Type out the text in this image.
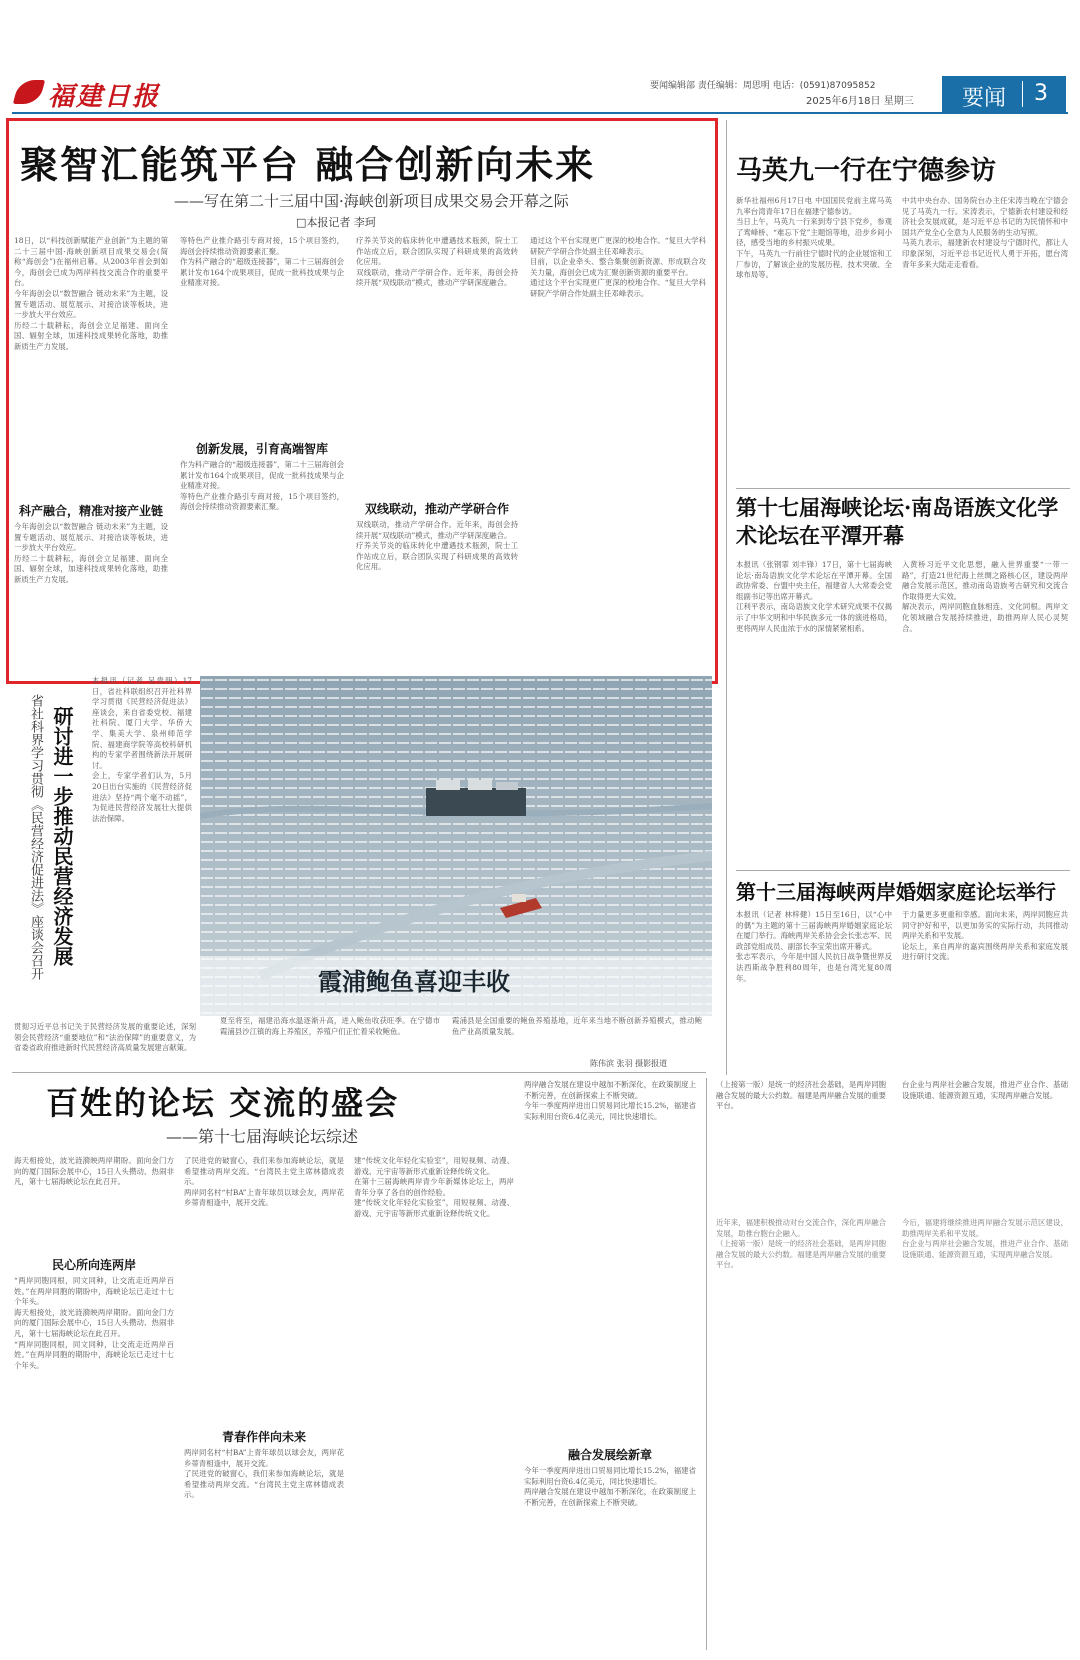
福建日报	要闻编辑部 责任编辑：周思明 电话：(0591)87095852
2025年6月18日 星期三 要闻 3
聚智汇能筑平台 融合创新向未来
——写在第二十三届中国·海峡创新项目成果交易会开幕之际
□本报记者 李珂
18日，以“科技创新赋能产业创新”为主题的第二十三届中国·海峡创新项目成果交易会(简称“海创会”)在福州启幕。从2003年首会到如今，海创会已成为两岸科技交流合作的重要平台。
今年海创会以“数智融合 链动未来”为主题，设置专题活动、展览展示、对接洽谈等板块，进一步放大平台效应。
历经二十载耕耘，海创会立足福建、面向全国、辐射全球，加速科技成果转化落地，助推新质生产力发展。
科产融合，精准对接产业链
今年海创会以“数智融合 链动未来”为主题，设置专题活动、展览展示、对接洽谈等板块，进一步放大平台效应。
历经二十载耕耘，海创会立足福建、面向全国、辐射全球，加速科技成果转化落地，助推新质生产力发展。
等特色产业推介路引专商对接，15个项目签约，海创会持续推动资源要素汇聚。
作为科产融合的“超级连接器”，第二十三届海创会累计发布164个成果项目，促成一批科技成果与企业精准对接。
创新发展，引育高端智库
作为科产融合的“超级连接器”，第二十三届海创会累计发布164个成果项目，促成一批科技成果与企业精准对接。
等特色产业推介路引专商对接，15个项目签约，海创会持续推动资源要素汇聚。
疗养关节炎的临床转化中遭遇技术瓶颈，院士工作站成立后，联合团队实现了科研成果的高效转化应用。
双线联动，推动产学研合作。近年来，海创会持续开展“双线联动”模式，推动产学研深度融合。
双线联动，推动产学研合作
双线联动，推动产学研合作。近年来，海创会持续开展“双线联动”模式，推动产学研深度融合。
疗养关节炎的临床转化中遭遇技术瓶颈，院士工作站成立后，联合团队实现了科研成果的高效转化应用。
通过这个平台实现更广更深的校地合作。“复旦大学科研院产学研合作处副主任邓峰表示。
目前，以企业牵头、整合集聚创新资源、形成联合攻关力量，海创会已成为汇聚创新资源的重要平台。
通过这个平台实现更广更深的校地合作。“复旦大学科研院产学研合作处副主任邓峰表示。
马英九一行在宁德参访
新华社福州6月17日电 中国国民党前主席马英九率台湾青年17日在福建宁德参访。
当日上午，马英九一行来到寿宁县下党乡，参观了鸾峰桥、“难忘下党”主题馆等地，沿步乡间小径，感受当地的乡村振兴成果。
下午，马英九一行前往宁德时代的企业展馆和工厂参访，了解该企业的发展历程、技术突破、全球布局等。
中共中央台办、国务院台办主任宋涛当晚在宁德会见了马英九一行。宋涛表示，宁德新农村建设和经济社会发展成就，是习近平总书记的为民情怀和中国共产党全心全意为人民服务的生动写照。
马英九表示，福建新农村建设与宁德时代，都让人印象深刻，习近平总书记近代人勇于开拓，愿台湾青年多来大陆走走看看。
第十七届海峡论坛·南岛语族文化学术论坛在平潭开幕
本报讯（张钢霏 刘丰锋）17日，第十七届海峡论坛·南岛语族文化学术论坛在平潭开幕。全国政协常委、台盟中央主任，福建省人大常委会党组副书记等出席开幕式。
江利平表示，南岛语族文化学术研究成果不仅揭示了中华文明和中华民族多元一体的演进格局，更将两岸人民血浓于水的深情紧紧相系。
入黄桥习近平文化思想，融入世界重要“一带一路”，打造21世纪海上丝绸之路核心区，建设两岸融合发展示范区，推动南岛语族考古研究和交流合作取得更大实效。
解决表示，两岸同胞血脉相连、文化同根。两岸文化领域融合发展持续推进，助推两岸人民心灵契合。
第十三届海峡两岸婚姻家庭论坛举行
本报讯（记者 林梓健）15日至16日，以“心中的偶”为主题的第十三届海峡两岸婚姻家庭论坛在厦门举行。海峡两岸关系协会会长张志军、民政部党组成员、副部长李宝荣出席开幕式。
张志军表示，今年是中国人民抗日战争暨世界反法西斯战争胜利80周年，也是台湾光复80周年。
于力量更多更重和幸感。面向未来，两岸同胞应共同守护好和平，以更加务实的实际行动，共同推动两岸关系和平发展。
论坛上，来自两岸的嘉宾围绕两岸关系和家庭发展进行研讨交流。
省社科界学习贯彻《民营经济促进法》座谈会召开 研讨进一步推动民营经济发展
本报讯（记者 吴贵明）17日，省社科联组织召开社科界学习贯彻《民营经济促进法》座谈会，来自省委党校、福建社科院、厦门大学、华侨大学、集美大学、泉州师范学院、福建商学院等高校科研机构的专家学者围绕新法开展研讨。
会上，专家学者们认为，5月20日出台实施的《民营经济促进法》坚持“两个毫不动摇”，为促进民营经济发展壮大提供法治保障。
贯彻习近平总书记关于民营经济发展的重要论述，深刻领会民营经济“重要地位”和“法治保障”的重要意义，为省委省政府推进新时代民营经济高质量发展建言献策。
霞浦鲍鱼喜迎丰收
夏至将至，福建沿海水温逐渐升高，进入鲍鱼收获旺季。在宁德市霞浦县沙江镇的海上养殖区，养殖户们正忙着采收鲍鱼。
霞浦县是全国重要的鲍鱼养殖基地，近年来当地不断创新养殖模式，推动鲍鱼产业高质量发展。
陈伟滨 张羽 摄影报道
百姓的论坛 交流的盛会
——第十七届海峡论坛综述
海天相接处，波光涟漪映两岸期盼。面向金门方向的厦门国际会展中心，15日人头攒动、热闹非凡，第十七届海峡论坛在此召开。
民心所向连两岸
“两岸同胞同根，同文同种，让交流走近两岸百姓。”在两岸同胞的期盼中，海峡论坛已走过十七个年头。
海天相接处，波光涟漪映两岸期盼。面向金门方向的厦门国际会展中心，15日人头攒动、热闹非凡，第十七届海峡论坛在此召开。
“两岸同胞同根，同文同种，让交流走近两岸百姓。”在两岸同胞的期盼中，海峡论坛已走过十七个年头。
了民进党的破窗心，我们来参加海峡论坛，就是希望推动两岸交流。“台湾民主党主席林德成表示。
两岸同名村“村BA”上青年球员以球会友，两岸花乡蒂青相逢中，展开交流。
青春作伴向未来
两岸同名村“村BA”上青年球员以球会友，两岸花乡蒂青相逢中，展开交流。
了民进党的破窗心，我们来参加海峡论坛，就是希望推动两岸交流。“台湾民主党主席林德成表示。
建“传统文化年轻化实验室”，用短视频、动漫、游戏、元宇宙等新形式重新诠释传统文化。
在第十三届海峡两岸青少年新媒体论坛上，两岸青年分享了各自的创作经验。
建“传统文化年轻化实验室”，用短视频、动漫、游戏、元宇宙等新形式重新诠释传统文化。
两岸融合发展在建设中越加不断深化，在政策制度上不断完善，在创新探索上不断突破。
今年一季度两岸进出口贸易同比增长15.2%，福建省实际利用台资6.4亿美元，同比快速增长。
融合发展绘新章
今年一季度两岸进出口贸易同比增长15.2%，福建省实际利用台资6.4亿美元，同比快速增长。
两岸融合发展在建设中越加不断深化，在政策制度上不断完善，在创新探索上不断突破。
（上接第一版）是统一的经济社会基础，是两岸同胞融合发展的最大公约数。福建是两岸融合发展的重要平台。
台企业与两岸社会融合发展，推进产业合作、基础设施联通、能源资源互通，实现两岸融合发展。
近年来，福建积极推动对台交流合作，深化两岸融合发展，助推台胞台企融入。
（上接第一版）是统一的经济社会基础，是两岸同胞融合发展的最大公约数。福建是两岸融合发展的重要平台。
今后，福建将继续推进两岸融合发展示范区建设，助推两岸关系和平发展。
台企业与两岸社会融合发展，推进产业合作、基础设施联通、能源资源互通，实现两岸融合发展。
